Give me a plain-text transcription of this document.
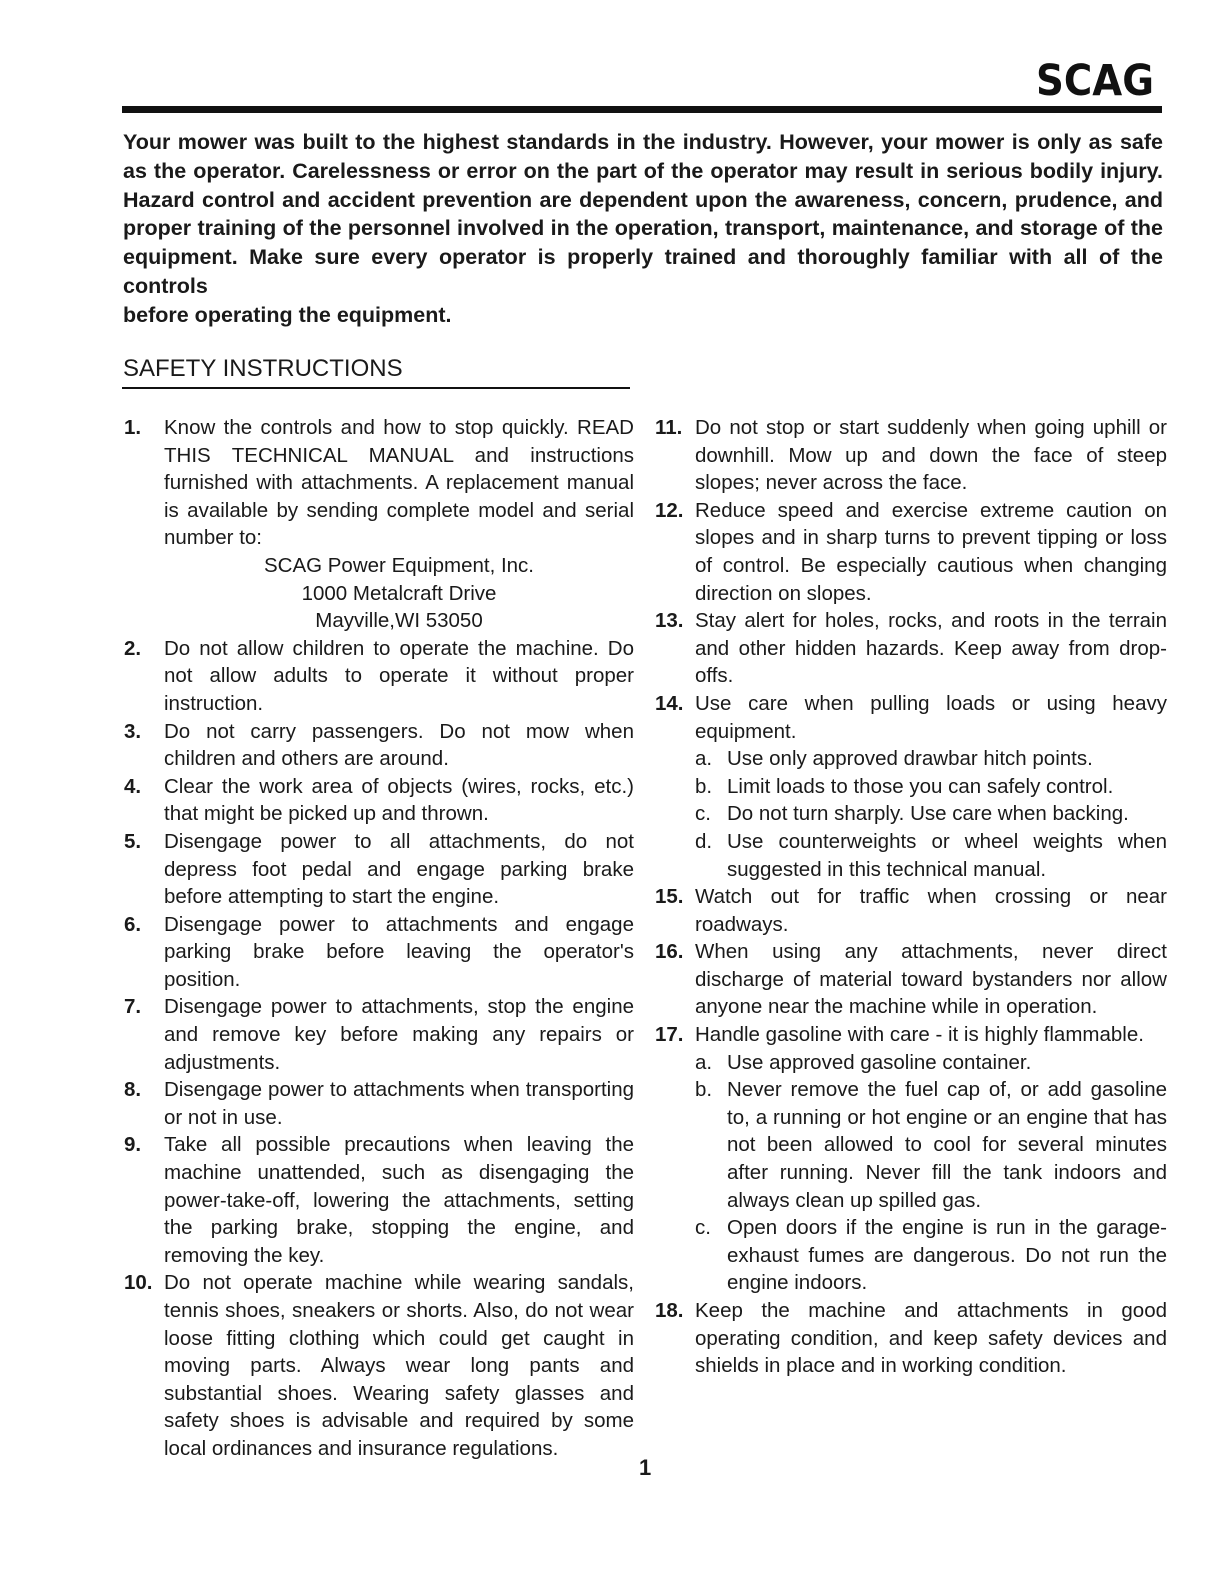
SCAG

Your mower was built to the highest standards in the industry. However, your mower is only as safe as the operator. Carelessness or error on the part of the operator may result in serious bodily injury. Hazard control and accident prevention are dependent upon the awareness, concern, prudence, and proper training of the personnel involved in the operation, transport, maintenance, and storage of the equipment. Make sure every operator is properly trained and thoroughly familiar with all of the controls

before operating the equipment.
SAFETY INSTRUCTIONS
1. Know the controls and how to stop quickly. READ THIS TECHNICAL MANUAL and instructions furnished with attachments. A replacement manual is available by sending complete model and serial number to:
SCAG Power Equipment, Inc.
1000 Metalcraft Drive
Mayville,WI 53050
2. Do not allow children to operate the machine. Do not allow adults to operate it without proper instruction.
3. Do not carry passengers. Do not mow when children and others are around.
4. Clear the work area of objects (wires, rocks, etc.) that might be picked up and thrown.
5. Disengage power to all attachments, do not depress foot pedal and engage parking brake before attempting to start the engine.
6. Disengage power to attachments and engage parking brake before leaving the operator's position.
7. Disengage power to attachments, stop the engine and remove key before making any repairs or adjustments.
8. Disengage power to attachments when transporting or not in use.
9. Take all possible precautions when leaving the machine unattended, such as disengaging the power-take-off, lowering the attachments, setting the parking brake, stopping the engine, and removing the key.
10. Do not operate machine while wearing sandals, tennis shoes, sneakers or shorts. Also, do not wear loose fitting clothing which could get caught in moving parts. Always wear long pants and substantial shoes. Wearing safety glasses and safety shoes is advisable and required by some local ordinances and insurance regulations.
11. Do not stop or start suddenly when going uphill or downhill. Mow up and down the face of steep slopes; never across the face.
12. Reduce speed and exercise extreme caution on slopes and in sharp turns to prevent tipping or loss of control. Be especially cautious when changing direction on slopes.
13. Stay alert for holes, rocks, and roots in the terrain and other hidden hazards. Keep away from drop-offs.
14. Use care when pulling loads or using heavy equipment.
a. Use only approved drawbar hitch points.
b. Limit loads to those you can safely control.
c. Do not turn sharply. Use care when backing.
d. Use counterweights or wheel weights when suggested in this technical manual.
15. Watch out for traffic when crossing or near roadways.
16. When using any attachments, never direct discharge of material toward bystanders nor allow anyone near the machine while in operation.
17. Handle gasoline with care - it is highly flammable.
a. Use approved gasoline container.
b. Never remove the fuel cap of, or add gasoline to, a running or hot engine or an engine that has not been allowed to cool for several minutes after running. Never fill the tank indoors and always clean up spilled gas.
c. Open doors if the engine is run in the garage- exhaust fumes are dangerous. Do not run the engine indoors.
18. Keep the machine and attachments in good operating condition, and keep safety devices and shields in place and in working condition.
1
